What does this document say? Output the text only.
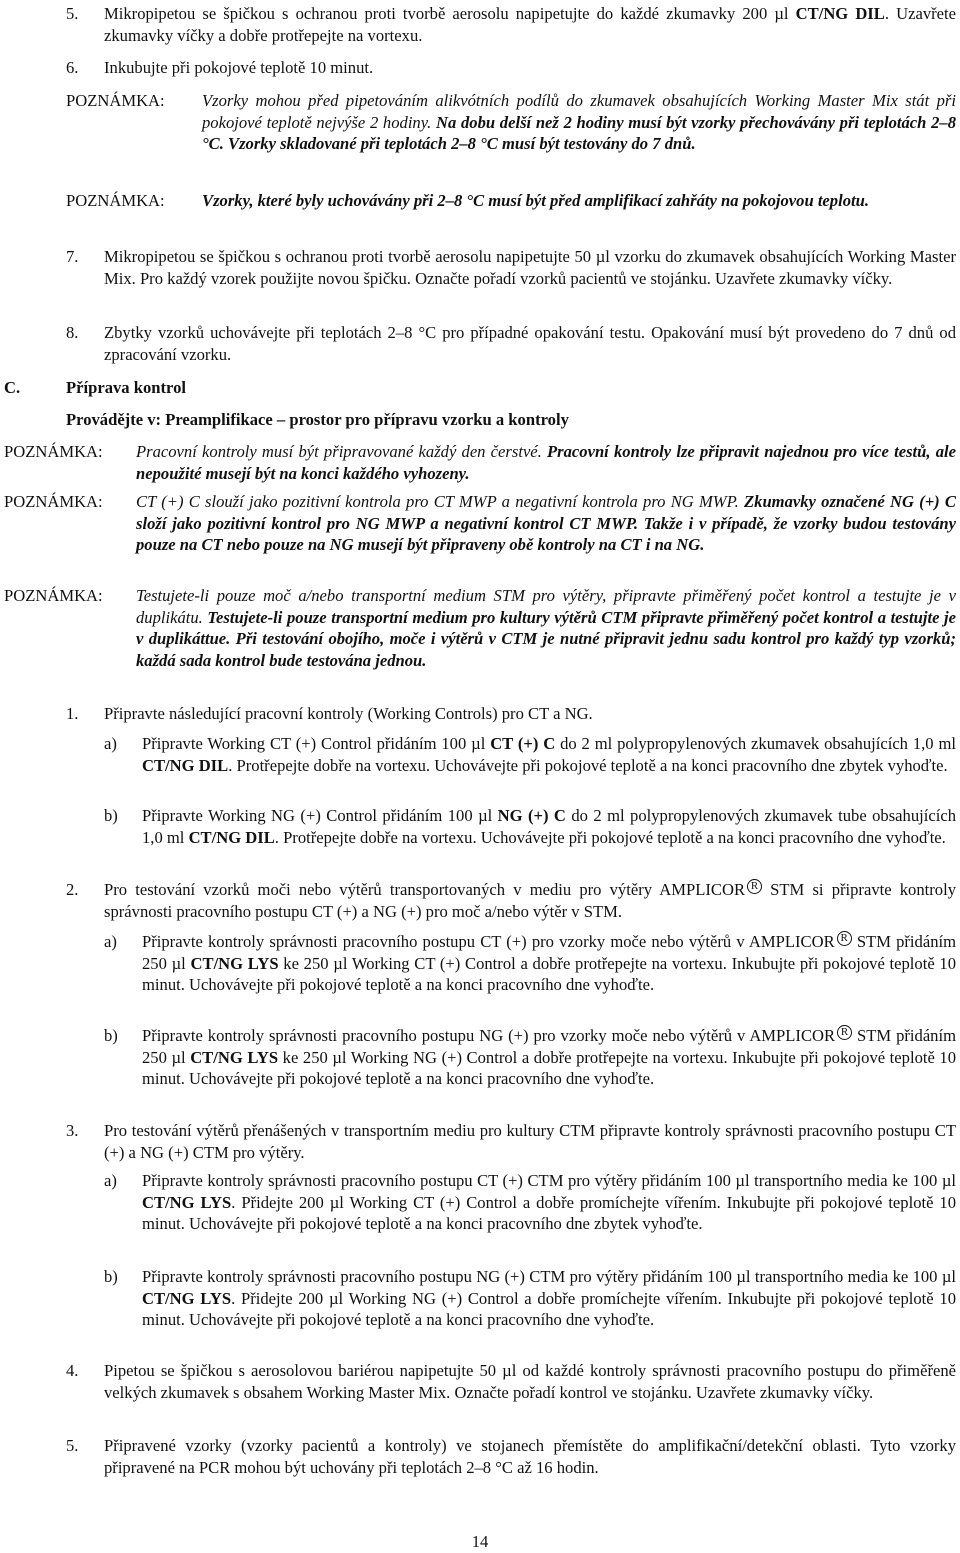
5. Mikropipetou se špičkou s ochranou proti tvorbě aerosolu napipetujte do každé zkumavky 200 µl CT/NG DIL. Uzavřete zkumavky víčky a dobře protřepejte na vortexu.

6. Inkubujte při pokojové teplotě 10 minut.

POZNÁMKA: Vzorky mohou před pipetováním alikvótních podílů do zkumavek obsahujících Working Master Mix stát při pokojové teplotě nejvýše 2 hodiny. Na dobu delší než 2 hodiny musí být vzorky přechovávány při teplotách 2–8 °C. Vzorky skladované při teplotách 2–8 °C musí být testovány do 7 dnů.

POZNÁMKA: Vzorky, které byly uchovávány při 2–8 °C musí být před amplifikací zahřáty na pokojovou teplotu.

7. Mikropipetou se špičkou s ochranou proti tvorbě aerosolu napipetujte 50 µl vzorku do zkumavek obsahujících Working Master Mix. Pro každý vzorek použijte novou špičku. Označte pořadí vzorků pacientů ve stojánku. Uzavřete zkumavky víčky.

8. Zbytky vzorků uchovávejte při teplotách 2–8 °C pro případné opakování testu. Opakování musí být provedeno do 7 dnů od zpracování vzorku.

C.	Příprava kontrol
Provádějte v: Preamplifikace – prostor pro přípravu vzorku a kontroly
POZNÁMKA: Pracovní kontroly musí být připravované každý den čerstvé. Pracovní kontroly lze připravit najednou pro více testů, ale nepoužité musejí být na konci každého vyhozeny.

POZNÁMKA: CT (+) C slouží jako pozitivní kontrola pro CT MWP a negativní kontrola pro NG MWP. Zkumavky označené NG (+) C složí jako pozitivní kontrol pro NG MWP a negativní kontrol CT MWP. Takže i v případě, že vzorky budou testovány pouze na CT nebo pouze na NG musejí být připraveny obě kontroly na CT i na NG.

POZNÁMKA: Testujete-li pouze moč a/nebo transportní medium STM pro výtěry, připravte přiměřený počet kontrol a testujte je v duplikátu. Testujete-li pouze transportní medium pro kultury výtěrů CTM připravte přiměřený počet kontrol a testujte je v duplikáttue. Při testování obojího, moče i výtěrů v CTM je nutné připravit jednu sadu kontrol pro každý typ vzorků; každá sada kontrol bude testována jednou.

1. Připravte následující pracovní kontroly (Working Controls) pro CT a NG.

a) Připravte Working CT (+) Control přidáním 100 µl CT (+) C do 2 ml polypropylenových zkumavek obsahujících 1,0 ml CT/NG DIL. Protřepejte dobře na vortexu. Uchovávejte při pokojové teplotě a na konci pracovního dne zbytek vyhoďte.

b) Připravte Working NG (+) Control přidáním 100 µl NG (+) C do 2 ml polypropylenových zkumavek tube obsahujících 1,0 ml CT/NG DIL. Protřepejte dobře na vortexu. Uchovávejte při pokojové teplotě a na konci pracovního dne vyhoďte.

2. Pro testování vzorků moči nebo výtěrů transportovaných v mediu pro výtěry AMPLICOR R STM si připravte kontroly správnosti pracovního postupu CT (+) a NG (+) pro moč a/nebo výtěr v STM.

a) Připravte kontroly správnosti pracovního postupu CT (+) pro vzorky moče nebo výtěrů v AMPLICOR R STM přidáním 250 µl CT/NG LYS ke 250 µl Working CT (+) Control a dobře protřepejte na vortexu. Inkubujte při pokojové teplotě 10 minut. Uchovávejte při pokojové teplotě a na konci pracovního dne vyhoďte.

b) Připravte kontroly správnosti pracovního postupu NG (+) pro vzorky moče nebo výtěrů v AMPLICOR R STM přidáním 250 µl CT/NG LYS ke 250 µl Working NG (+) Control a dobře protřepejte na vortexu. Inkubujte při pokojové teplotě 10 minut. Uchovávejte při pokojové teplotě a na konci pracovního dne vyhoďte.

3. Pro testování výtěrů přenášených v transportním mediu pro kultury CTM připravte kontroly správnosti pracovního postupu CT (+) a NG (+) CTM pro výtěry.

a) Připravte kontroly správnosti pracovního postupu CT (+) CTM pro výtěry přidáním 100 µl transportního media ke 100 µl CT/NG LYS. Přidejte 200 µl Working CT (+) Control a dobře promíchejte vířením. Inkubujte při pokojové teplotě 10 minut. Uchovávejte při pokojové teplotě a na konci pracovního dne zbytek vyhoďte.

b) Připravte kontroly správnosti pracovního postupu NG (+) CTM pro výtěry přidáním 100 µl transportního media ke 100 µl CT/NG LYS. Přidejte 200 µl Working NG (+) Control a dobře promíchejte vířením. Inkubujte při pokojové teplotě 10 minut. Uchovávejte při pokojové teplotě a na konci pracovního dne vyhoďte.

4. Pipetou se špičkou s aerosolovou bariérou napipetujte 50 µl od každé kontroly správnosti pracovního postupu do přiměřeně velkých zkumavek s obsahem Working Master Mix. Označte pořadí kontrol ve stojánku. Uzavřete zkumavky víčky.

5. Připravené vzorky (vzorky pacientů a kontroly) ve stojanech přemístěte do amplifikační/detekční oblasti. Tyto vzorky připravené na PCR mohou být uchovány při teplotách 2–8 °C až 16 hodin.

14
